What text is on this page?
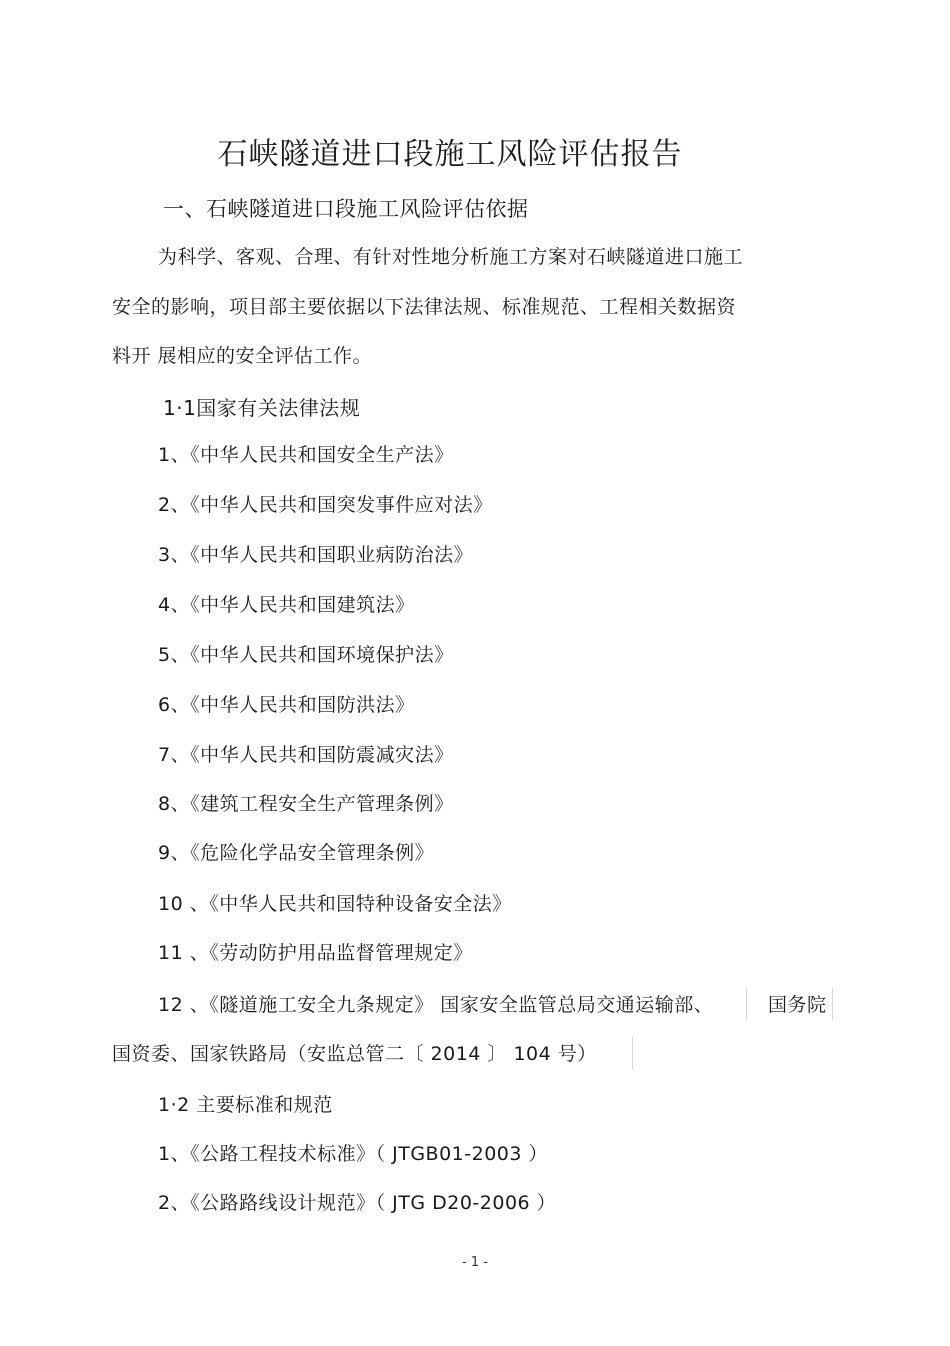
石峡隧道进口段施工风险评估报告
一、石峡隧道进口段施工风险评估依据
为科学、客观、合理、有针对性地分析施工方案对石峡隧道进口施工
安全的影响，项目部主要依据以下法律法规、标准规范、工程相关数据资
料开 展相应的安全评估工作。
1·1国家有关法律法规
1、《中华人民共和国安全生产法》
2、《中华人民共和国突发事件应对法》
3、《中华人民共和国职业病防治法》
4、《中华人民共和国建筑法》
5、《中华人民共和国环境保护法》
6、《中华人民共和国防洪法》
7、《中华人民共和国防震减灾法》
8、《建筑工程安全生产管理条例》
9、《危险化学品安全管理条例》
10 、《中华人民共和国特种设备安全法》
11 、《劳动防护用品监督管理规定》
12 、《隧道施工安全九条规定》 国家安全监管总局交通运输部、	国务院
国资委、国家铁路局（安监总管二〔 2014 〕 104 号）
1·2 主要标准和规范
1、《公路工程技术标准》（ JTGB01-2003 ）
2、《公路路线设计规范》（ JTG D20-2006 ）
- 1 -
